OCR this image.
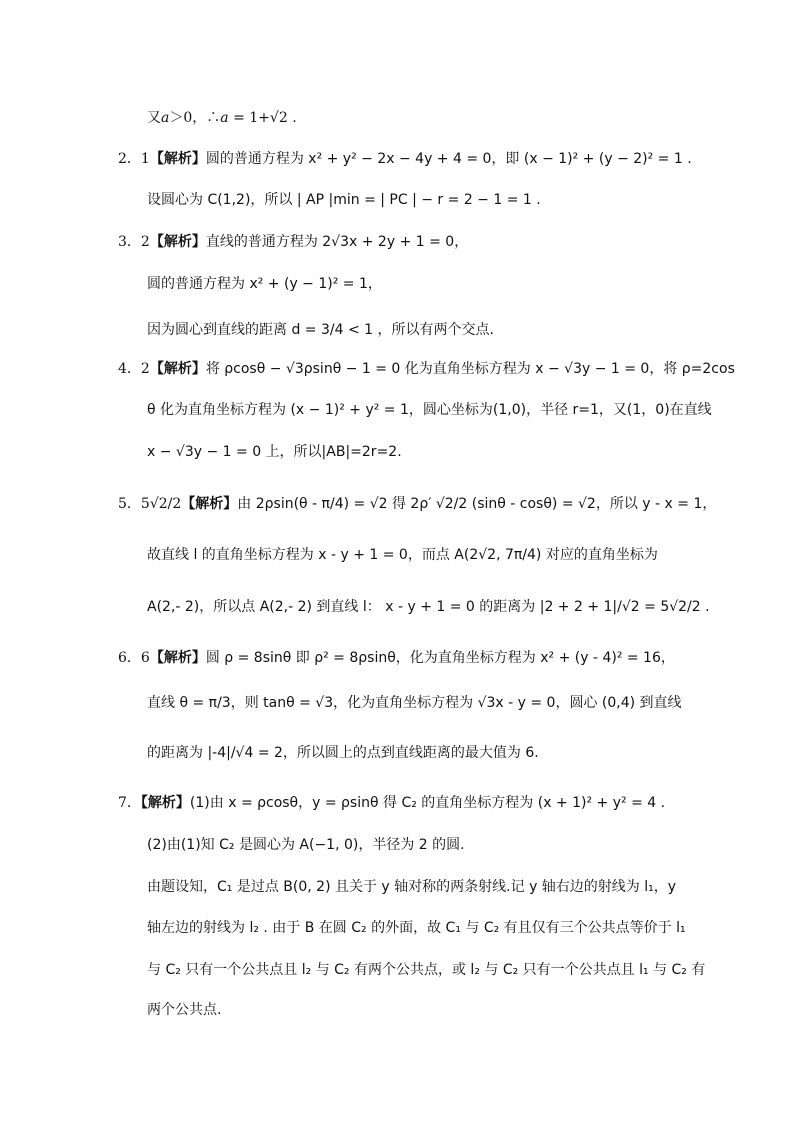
又a＞0，∴a = 1+√2 .
2．1【解析】圆的普通方程为 x² + y² − 2x − 4y + 4 = 0，即 (x − 1)² + (y − 2)² = 1 .
设圆心为 C(1,2)，所以 | AP |min = | PC | − r = 2 − 1 = 1 .
3．2【解析】直线的普通方程为 2√3x + 2y + 1 = 0，
圆的普通方程为 x² + (y − 1)² = 1，
因为圆心到直线的距离 d = 3/4 < 1 ，所以有两个交点.
4．2【解析】将 ρcosθ − √3ρsinθ − 1 = 0 化为直角坐标方程为 x − √3y − 1 = 0，将 ρ=2cos
θ 化为直角坐标方程为 (x − 1)² + y² = 1，圆心坐标为(1,0)，半径 r=1，又(1，0)在直线
x − √3y − 1 = 0 上，所以|AB|=2r=2.
5．5√2/2【解析】由 2ρsin(θ - π/4) = √2 得 2ρ′ √2/2 (sinθ - cosθ) = √2，所以 y - x = 1，
故直线 l 的直角坐标方程为 x - y + 1 = 0，而点 A(2√2, 7π/4) 对应的直角坐标为
A(2,- 2)，所以点 A(2,- 2) 到直线 l： x - y + 1 = 0 的距离为 |2 + 2 + 1|/√2 = 5√2/2 .
6．6【解析】圆 ρ = 8sinθ 即 ρ² = 8ρsinθ，化为直角坐标方程为 x² + (y - 4)² = 16，
直线 θ = π/3，则 tanθ = √3，化为直角坐标方程为 √3x - y = 0，圆心 (0,4) 到直线
的距离为 |-4|/√4 = 2，所以圆上的点到直线距离的最大值为 6.
7．【解析】(1)由 x = ρcosθ，y = ρsinθ 得 C₂ 的直角坐标方程为 (x + 1)² + y² = 4 .
(2)由(1)知 C₂ 是圆心为 A(−1, 0)，半径为 2 的圆.
由题设知，C₁ 是过点 B(0, 2) 且关于 y 轴对称的两条射线.记 y 轴右边的射线为 l₁，y
轴左边的射线为 l₂ . 由于 B 在圆 C₂ 的外面，故 C₁ 与 C₂ 有且仅有三个公共点等价于 l₁
与 C₂ 只有一个公共点且 l₂ 与 C₂ 有两个公共点，或 l₂ 与 C₂ 只有一个公共点且 l₁ 与 C₂ 有
两个公共点.
